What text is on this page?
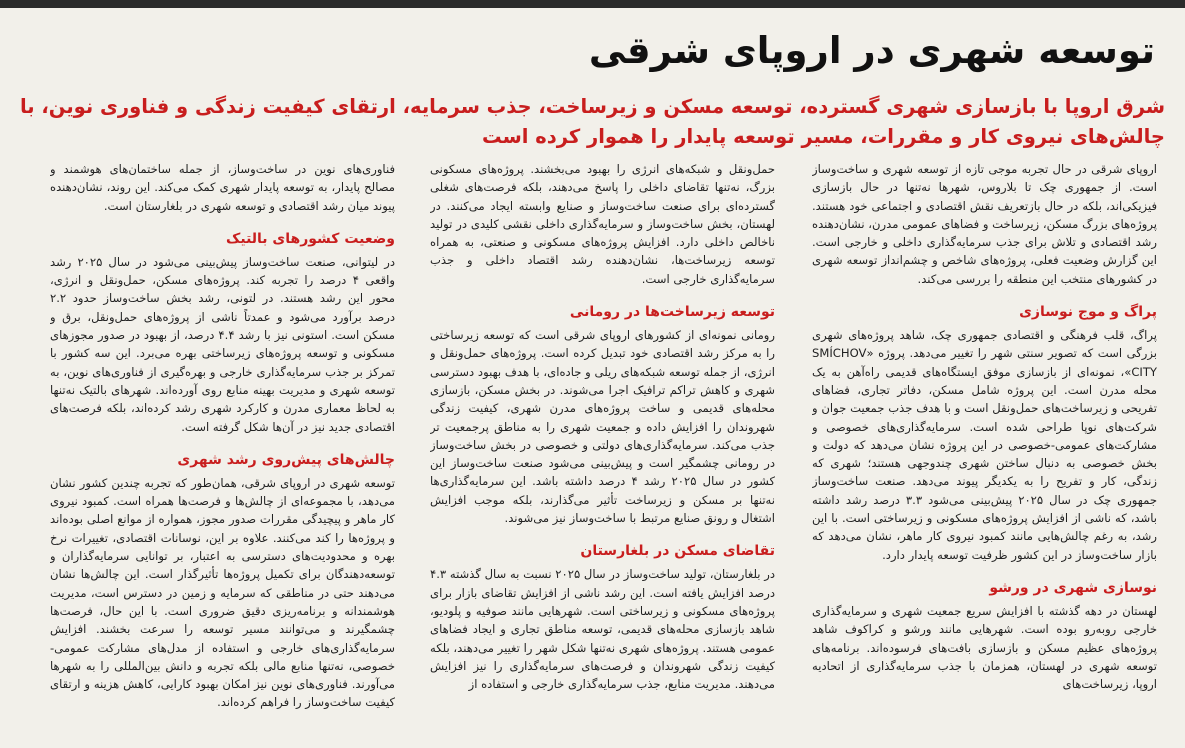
توسعه شهری در اروپای شرقی

شرق اروپا با بازسازی شهری گسترده، توسعه مسکن و زیرساخت، جذب سرمایه، ارتقای کیفیت زندگی و فناوری نوین، با چالش‌های نیروی کار و مقررات، مسیر توسعه پایدار را هموار کرده است

اروپای شرقی در حال تجربه موجی تازه از توسعه شهری و ساخت‌وساز است. از جمهوری چک تا بلاروس، شهرها نه‌تنها در حال بازسازی فیزیکی‌اند، بلکه در حال بازتعریف نقش اقتصادی و اجتماعی خود هستند. پروژه‌های بزرگ مسکن، زیرساخت و فضاهای عمومی مدرن، نشان‌دهنده رشد اقتصادی و تلاش برای جذب سرمایه‌گذاری داخلی و خارجی است. این گزارش وضعیت فعلی، پروژه‌های شاخص و چشم‌انداز توسعه شهری در کشورهای منتخب این منطقه را بررسی می‌کند.

پراگ و موج نوسازی

پراگ، قلب فرهنگی و اقتصادی جمهوری چک، شاهد پروژه‌های شهری بزرگی است که تصویر سنتی شهر را تغییر می‌دهد. پروژه «SMÍCHOV CITY»، نمونه‌ای از بازسازی موفق ایستگاه‌های قدیمی راه‌آهن به یک محله مدرن است. این پروژه شامل مسکن، دفاتر تجاری، فضاهای تفریحی و زیرساخت‌های حمل‌ونقل است و با هدف جذب جمعیت جوان و شرکت‌های نوپا طراحی شده است. سرمایه‌گذاری‌های خصوصی و مشارکت‌های عمومی-خصوصی در این پروژه نشان می‌دهد که دولت و بخش خصوصی به دنبال ساختن شهری چندوجهی هستند؛ شهری که زندگی، کار و تفریح را به یکدیگر پیوند می‌دهد. صنعت ساخت‌وساز جمهوری چک در سال ۲۰۲۵ پیش‌بینی می‌شود ۳.۳ درصد رشد داشته باشد، که ناشی از افزایش پروژه‌های مسکونی و زیرساختی است. با این رشد، به رغم چالش‌هایی مانند کمبود نیروی کار ماهر، نشان می‌دهد که بازار ساخت‌وساز در این کشور ظرفیت توسعه پایدار دارد.

نوسازی شهری در ورشو

لهستان در دهه گذشته با افزایش سریع جمعیت شهری و سرمایه‌گذاری خارجی روبه‌رو بوده است. شهرهایی مانند ورشو و کراکوف شاهد پروژه‌های عظیم مسکن و بازسازی بافت‌های فرسوده‌اند. برنامه‌های توسعه شهری در لهستان، همزمان با جذب سرمایه‌گذاری از اتحادیه اروپا، زیرساخت‌های

حمل‌ونقل و شبکه‌های انرژی را بهبود می‌بخشند. پروژه‌های مسکونی بزرگ، نه‌تنها تقاضای داخلی را پاسخ می‌دهند، بلکه فرصت‌های شغلی گسترده‌ای برای صنعت ساخت‌وساز و صنایع وابسته ایجاد می‌کنند. در لهستان، بخش ساخت‌وساز و سرمایه‌گذاری داخلی نقشی کلیدی در تولید ناخالص داخلی دارد. افزایش پروژه‌های مسکونی و صنعتی، به همراه توسعه زیرساخت‌ها، نشان‌دهنده رشد اقتصاد داخلی و جذب سرمایه‌گذاری خارجی است.

توسعه زیرساخت‌ها در رومانی

رومانی نمونه‌ای از کشورهای اروپای شرقی است که توسعه زیرساختی را به مرکز رشد اقتصادی خود تبدیل کرده است. پروژه‌های حمل‌ونقل و انرژی، از جمله توسعه شبکه‌های ریلی و جاده‌ای، با هدف بهبود دسترسی شهری و کاهش تراکم ترافیک اجرا می‌شوند. در بخش مسکن، بازسازی محله‌های قدیمی و ساخت پروژه‌های مدرن شهری، کیفیت زندگی شهروندان را افزایش داده و جمعیت شهری را به مناطق پرجمعیت تر جذب می‌کند. سرمایه‌گذاری‌های دولتی و خصوصی در بخش ساخت‌وساز در رومانی چشمگیر است و پیش‌بینی می‌شود صنعت ساخت‌وساز این کشور در سال ۲۰۲۵ رشد ۴ درصد داشته باشد. این سرمایه‌گذاری‌ها نه‌تنها بر مسکن و زیرساخت تأثیر می‌گذارند، بلکه موجب افزایش اشتغال و رونق صنایع مرتبط با ساخت‌وساز نیز می‌شوند.

تقاضای مسکن در بلغارستان

در بلغارستان، تولید ساخت‌وساز در سال ۲۰۲۵ نسبت به سال گذشته ۴.۳ درصد افزایش یافته است. این رشد ناشی از افزایش تقاضای بازار برای پروژه‌های مسکونی و زیرساختی است. شهرهایی مانند صوفیه و پلودیو، شاهد بازسازی محله‌های قدیمی، توسعه مناطق تجاری و ایجاد فضاهای عمومی هستند. پروژه‌های شهری نه‌تنها شکل شهر را تغییر می‌دهند، بلکه کیفیت زندگی شهروندان و فرصت‌های سرمایه‌گذاری را نیز افزایش می‌دهند. مدیریت منابع، جذب سرمایه‌گذاری خارجی و استفاده از

فناوری‌های نوین در ساخت‌وساز، از جمله ساختمان‌های هوشمند و مصالح پایدار، به توسعه پایدار شهری کمک می‌کند. این روند، نشان‌دهنده پیوند میان رشد اقتصادی و توسعه شهری در بلغارستان است.

وضعیت کشورهای بالتیک

در لیتوانی، صنعت ساخت‌وساز پیش‌بینی می‌شود در سال ۲۰۲۵ رشد واقعی ۴ درصد را تجربه کند. پروژه‌های مسکن، حمل‌ونقل و انرژی، محور این رشد هستند. در لتونی، رشد بخش ساخت‌وساز حدود ۲.۲ درصد برآورد می‌شود و عمدتاً ناشی از پروژه‌های حمل‌ونقل، برق و مسکن است. استونی نیز با رشد ۴.۴ درصد، از بهبود در صدور مجوزهای مسکونی و توسعه پروژه‌های زیرساختی بهره می‌برد. این سه کشور با تمرکز بر جذب سرمایه‌گذاری خارجی و بهره‌گیری از فناوری‌های نوین، به توسعه شهری و مدیریت بهینه منابع روی آورده‌اند. شهرهای بالتیک نه‌تنها به لحاظ معماری مدرن و کارکرد شهری رشد کرده‌اند، بلکه فرصت‌های اقتصادی جدید نیز در آن‌ها شکل گرفته است.

چالش‌های پیش‌روی رشد شهری

توسعه شهری در اروپای شرقی، همان‌طور که تجربه چندین کشور نشان می‌دهد، با مجموعه‌ای از چالش‌ها و فرصت‌ها همراه است. کمبود نیروی کار ماهر و پیچیدگی مقررات صدور مجوز، همواره از موانع اصلی بوده‌اند و پروژه‌ها را کند می‌کنند. علاوه بر این، نوسانات اقتصادی، تغییرات نرخ بهره و محدودیت‌های دسترسی به اعتبار، بر توانایی سرمایه‌گذاران و توسعه‌دهندگان برای تکمیل پروژه‌ها تأثیرگذار است. این چالش‌ها نشان می‌دهند حتی در مناطقی که سرمایه و زمین در دسترس است، مدیریت هوشمندانه و برنامه‌ریزی دقیق ضروری است. با این حال، فرصت‌ها چشمگیرند و می‌توانند مسیر توسعه را سرعت بخشند. افزایش سرمایه‌گذاری‌های خارجی و استفاده از مدل‌های مشارکت عمومی-خصوصی، نه‌تنها منابع مالی بلکه تجربه و دانش بین‌المللی را به شهرها می‌آورند. فناوری‌های نوین نیز امکان بهبود کارایی، کاهش هزینه و ارتقای کیفیت ساخت‌وساز را فراهم کرده‌اند.
